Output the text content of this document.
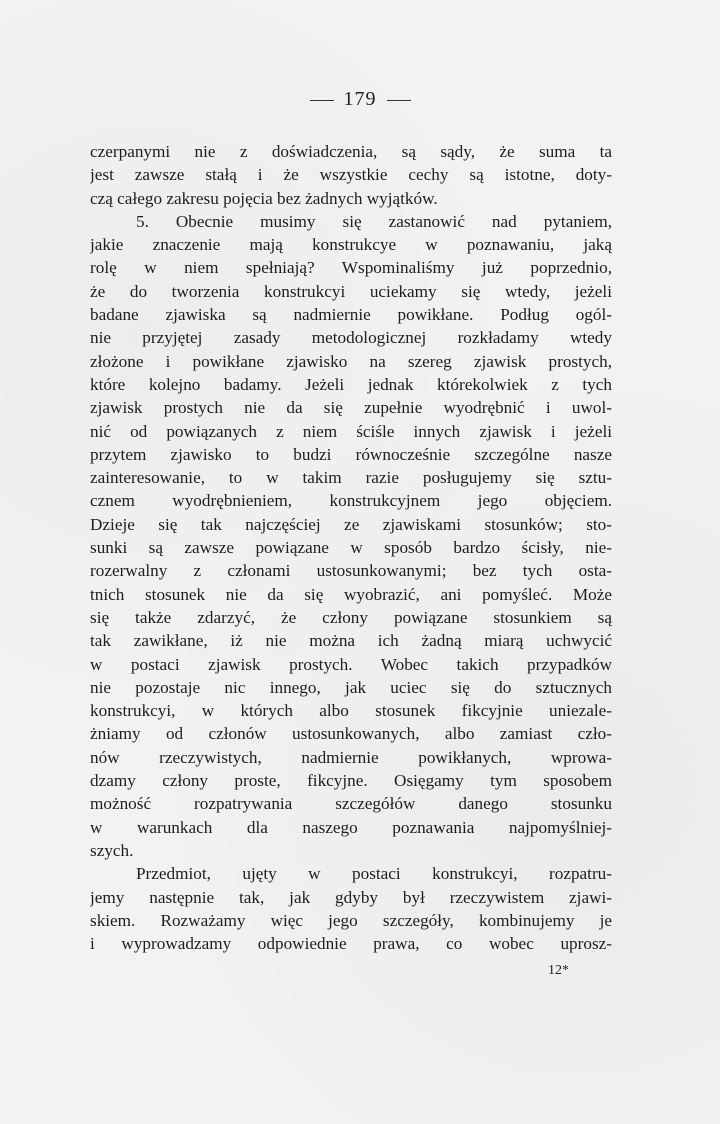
179
czerpanymi nie z doświadczenia, są sądy, że suma ta
jest zawsze stałą i że wszystkie cechy są istotne, doty-
czą całego zakresu pojęcia bez żadnych wyjątków.
5. Obecnie musimy się zastanowić nad pytaniem,
jakie znaczenie mają konstrukcye w poznawaniu, jaką
rolę w niem spełniają? Wspominaliśmy już poprzednio,
że do tworzenia konstrukcyi uciekamy się wtedy, jeżeli
badane zjawiska są nadmiernie powikłane. Podług ogól-
nie przyjętej zasady metodologicznej rozkładamy wtedy
złożone i powikłane zjawisko na szereg zjawisk prostych,
które kolejno badamy. Jeżeli jednak którekolwiek z tych
zjawisk prostych nie da się zupełnie wyodrębnić i uwol-
nić od powiązanych z niem ściśle innych zjawisk i jeżeli
przytem zjawisko to budzi równocześnie szczególne nasze
zainteresowanie, to w takim razie posługujemy się sztu-
cznem wyodrębnieniem, konstrukcyjnem jego objęciem.
Dzieje się tak najczęściej ze zjawiskami stosunków; sto-
sunki są zawsze powiązane w sposób bardzo ścisły, nie-
rozerwalny z członami ustosunkowanymi; bez tych osta-
tnich stosunek nie da się wyobrazić, ani pomyśleć. Może
się także zdarzyć, że człony powiązane stosunkiem są
tak zawikłane, iż nie można ich żadną miarą uchwycić
w postaci zjawisk prostych. Wobec takich przypadków
nie pozostaje nic innego, jak uciec się do sztucznych
konstrukcyi, w których albo stosunek fikcyjnie uniezale-
żniamy od członów ustosunkowanych, albo zamiast czło-
nów rzeczywistych, nadmiernie powikłanych, wprowa-
dzamy człony proste, fikcyjne. Osięgamy tym sposobem
możność rozpatrywania szczegółów danego stosunku
w warunkach dla naszego poznawania najpomyślniej-
szych.
Przedmiot, ujęty w postaci konstrukcyi, rozpatru-
jemy następnie tak, jak gdyby był rzeczywistem zjawi-
skiem. Rozważamy więc jego szczegóły, kombinujemy je
i wyprowadzamy odpowiednie prawa, co wobec uprosz-
12*
